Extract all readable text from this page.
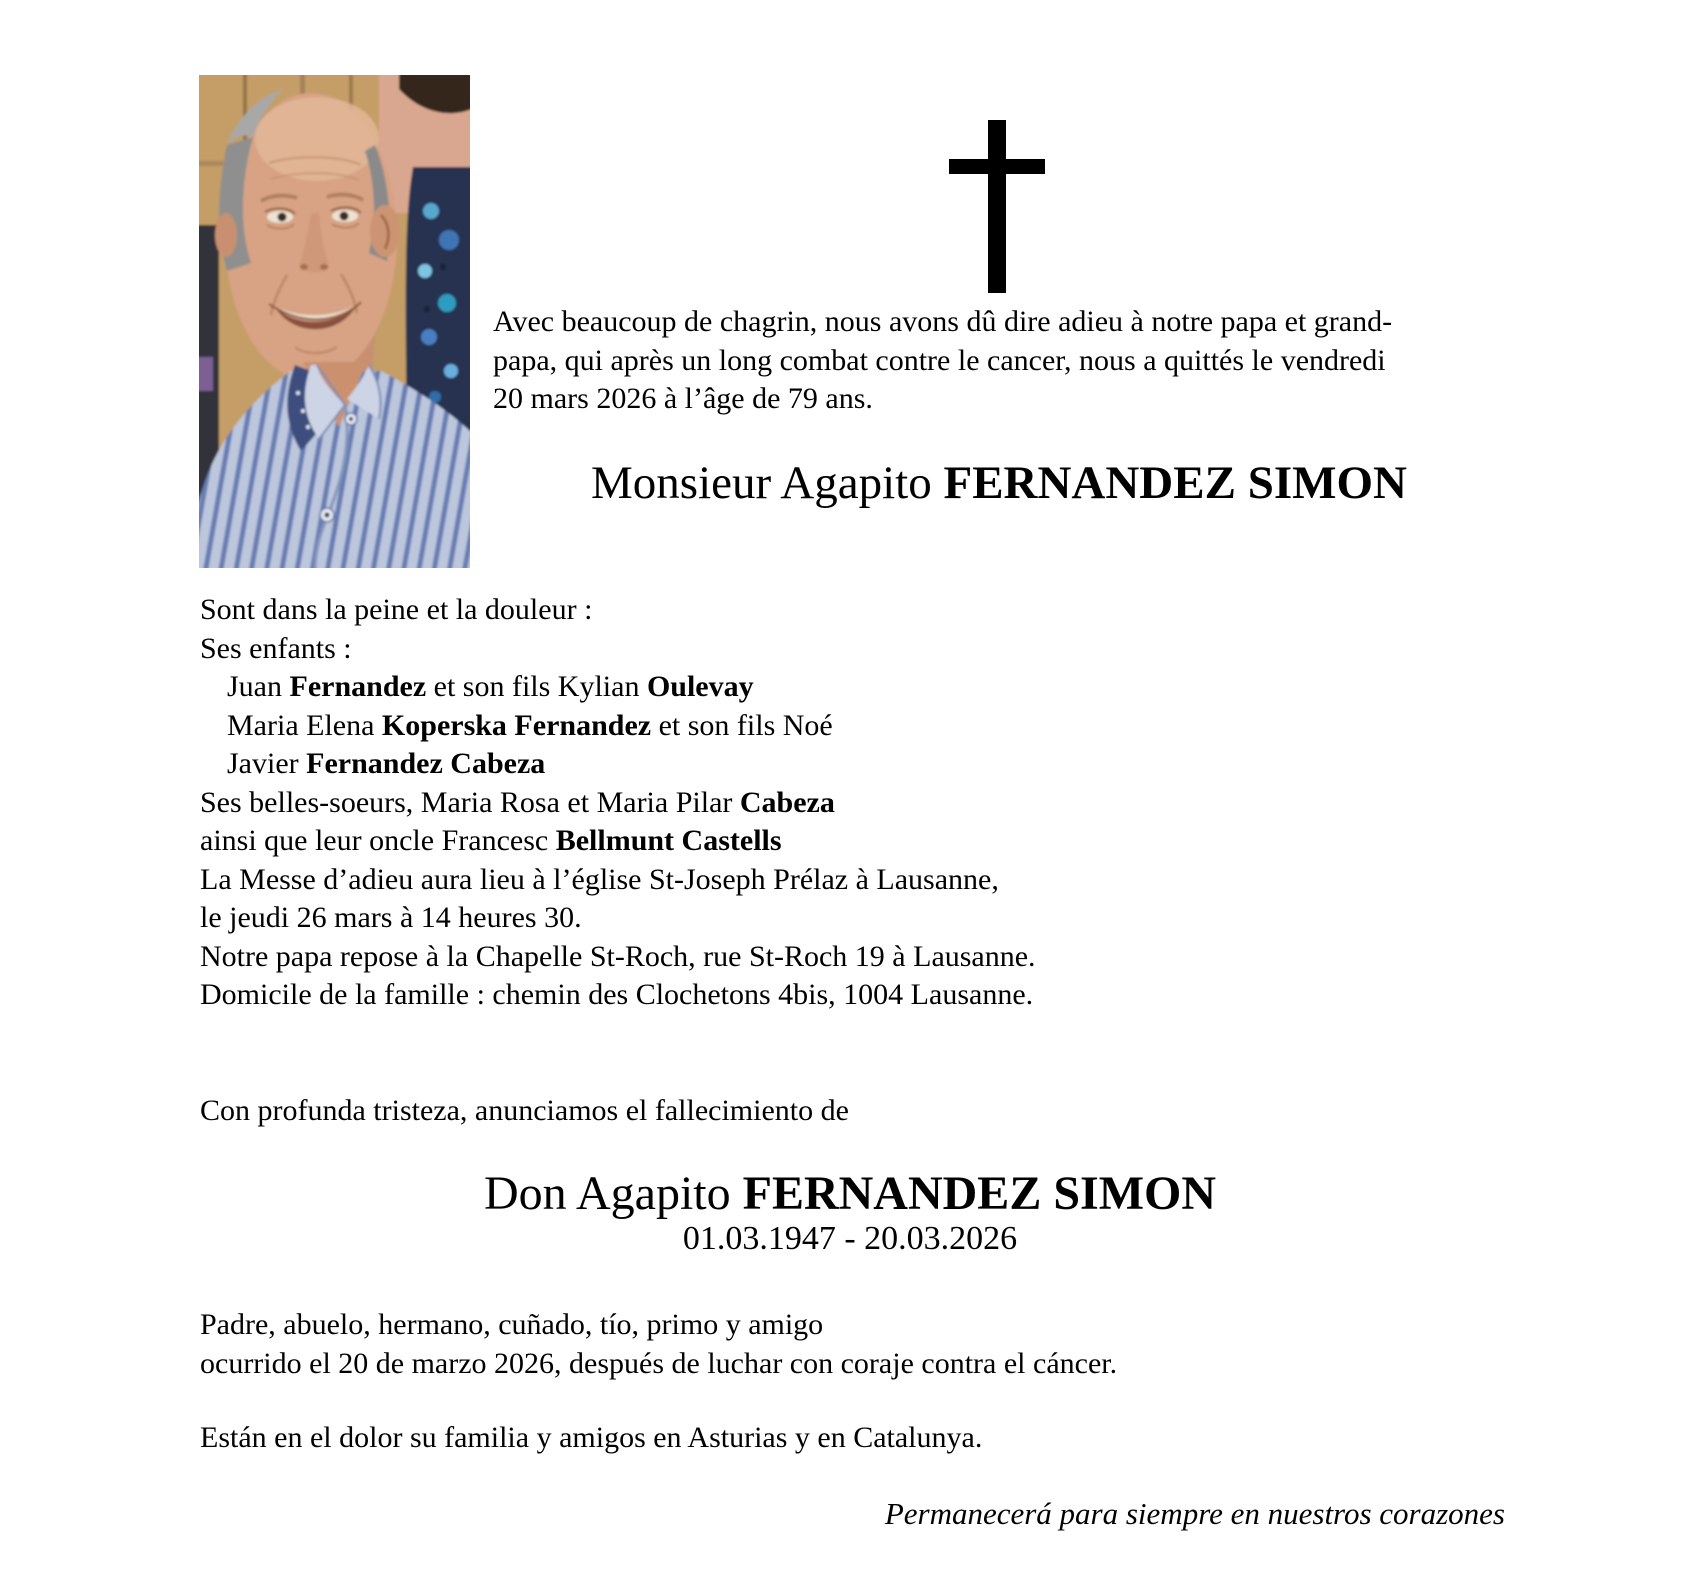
Avec beaucoup de chagrin, nous avons dû dire adieu à notre papa et grand-
papa, qui après un long combat contre le cancer, nous a quittés le vendredi
20 mars 2026 à l’âge de 79 ans.
Monsieur Agapito FERNANDEZ SIMON
Sont dans la peine et la douleur :
Ses enfants :
Juan Fernandez et son fils Kylian Oulevay
Maria Elena Koperska Fernandez et son fils Noé
Javier Fernandez Cabeza
Ses belles-soeurs, Maria Rosa et Maria Pilar Cabeza
ainsi que leur oncle Francesc Bellmunt Castells
La Messe d’adieu aura lieu à l’église St-Joseph Prélaz à Lausanne,
le jeudi 26 mars à 14 heures 30.
Notre papa repose à la Chapelle St-Roch, rue St-Roch 19 à Lausanne.
Domicile de la famille : chemin des Clochetons 4bis, 1004 Lausanne.
Con profunda tristeza, anunciamos el fallecimiento de
Don Agapito FERNANDEZ SIMON
01.03.1947 - 20.03.2026
Padre, abuelo, hermano, cuñado, tío, primo y amigo
ocurrido el 20 de marzo 2026, después de luchar con coraje contra el cáncer.
Están en el dolor su familia y amigos en Asturias y en Catalunya.
Permanecerá para siempre en nuestros corazones
